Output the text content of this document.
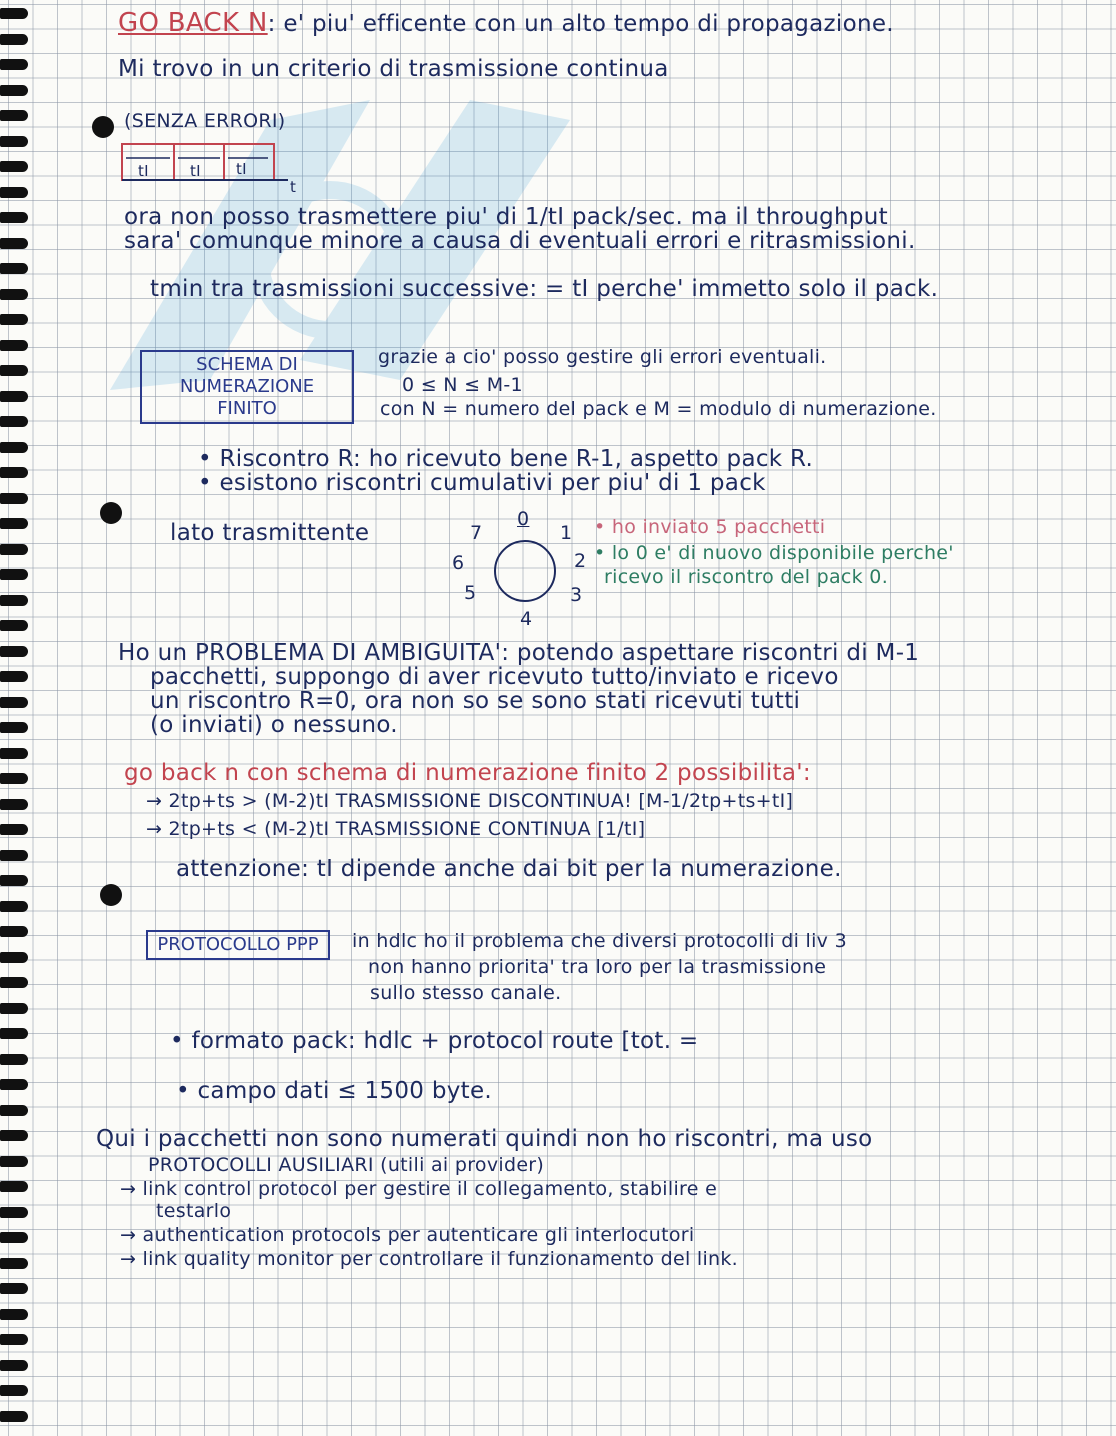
GO BACK N: e' piu' efficente con un alto tempo di propagazione.
Mi trovo in un criterio di trasmissione continua
(SENZA ERRORI)
tI	tI tI
t
ora non posso trasmettere piu' di 1/tI pack/sec. ma il throughput
sara' comunque minore a causa di eventuali errori e ritrasmissioni.
tmin tra trasmissioni successive: = tI perche' immetto solo il pack.
SCHEMA DI NUMERAZIONE FINITO
grazie a cio' posso gestire gli errori eventuali.
0 ≤ N ≤ M-1
con N = numero del pack e M = modulo di numerazione.
• Riscontro R: ho ricevuto bene R-1, aspetto pack R.
• esistono riscontri cumulativi per piu' di 1 pack
lato trasmittente
0
1
2
3
4
5
6
7	• ho inviato 5 pacchetti
• lo 0 e' di nuovo disponibile perche'
ricevo il riscontro del pack 0.
Ho un PROBLEMA DI AMBIGUITA': potendo aspettare riscontri di M-1
pacchetti, suppongo di aver ricevuto tutto/inviato e ricevo
un riscontro R=0, ora non so se sono stati ricevuti tutti
(o inviati) o nessuno.
go back n con schema di numerazione finito 2 possibilita':
→ 2tp+ts > (M-2)tI TRASMISSIONE DISCONTINUA! [M-1/2tp+ts+tI]
→ 2tp+ts < (M-2)tI TRASMISSIONE CONTINUA [1/tI]
attenzione: tI dipende anche dai bit per la numerazione.
PROTOCOLLO PPP	in hdlc ho il problema che diversi protocolli di liv 3
non hanno priorita' tra loro per la trasmissione
sullo stesso canale.
• formato pack: hdlc + protocol route [tot. =
• campo dati ≤ 1500 byte.
Qui i pacchetti non sono numerati quindi non ho riscontri, ma uso
PROTOCOLLI AUSILIARI (utili ai provider)
→ link control protocol per gestire il collegamento, stabilire e
testarlo
→ authentication protocols per autenticare gli interlocutori
→ link quality monitor per controllare il funzionamento del link.
